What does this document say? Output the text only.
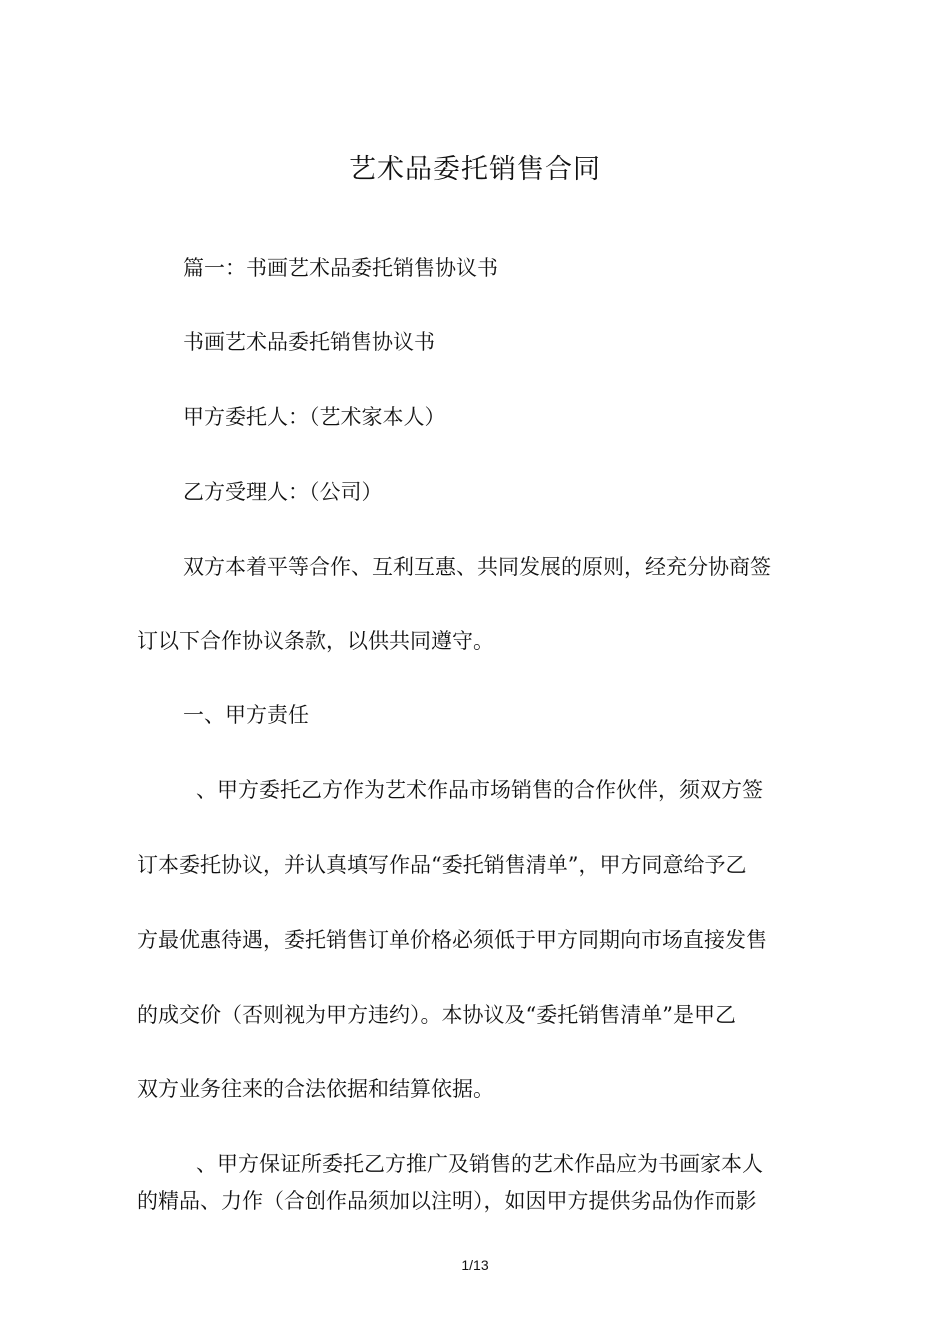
艺术品委托销售合同
篇一：书画艺术品委托销售协议书
书画艺术品委托销售协议书
甲方委托人：（艺术家本人）
乙方受理人：（公司）
双方本着平等合作、互利互惠、共同发展的原则，经充分协商签
订以下合作协议条款，以供共同遵守。
一、甲方责任
、甲方委托乙方作为艺术作品市场销售的合作伙伴，须双方签
订本委托协议，并认真填写作品“委托销售清单”，甲方同意给予乙
方最优惠待遇，委托销售订单价格必须低于甲方同期向市场直接发售
的成交价（否则视为甲方违约）。本协议及“委托销售清单”是甲乙
双方业务往来的合法依据和结算依据。
、甲方保证所委托乙方推广及销售的艺术作品应为书画家本人
的精品、力作（合创作品须加以注明），如因甲方提供劣品伪作而影
1/13
